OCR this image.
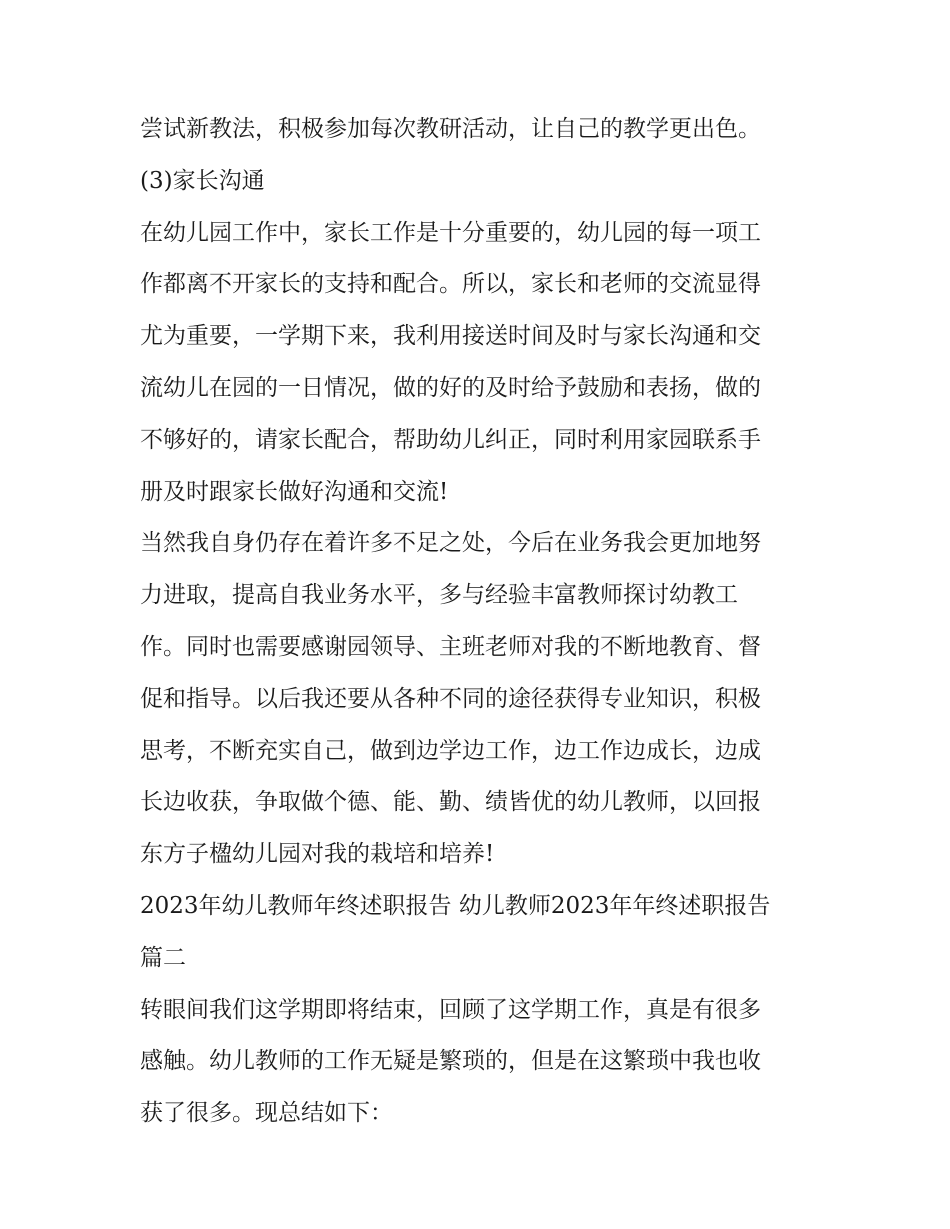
尝试新教法，积极参加每次教研活动，让自己的教学更出色。
(3)家长沟通
在幼儿园工作中，家长工作是十分重要的，幼儿园的每一项工
作都离不开家长的支持和配合。所以，家长和老师的交流显得
尤为重要，一学期下来，我利用接送时间及时与家长沟通和交
流幼儿在园的一日情况，做的好的及时给予鼓励和表扬，做的
不够好的，请家长配合，帮助幼儿纠正，同时利用家园联系手
册及时跟家长做好沟通和交流!
当然我自身仍存在着许多不足之处，今后在业务我会更加地努
力进取，提高自我业务水平，多与经验丰富教师探讨幼教工
作。同时也需要感谢园领导、主班老师对我的不断地教育、督
促和指导。以后我还要从各种不同的途径获得专业知识，积极
思考，不断充实自己，做到边学边工作，边工作边成长，边成
长边收获，争取做个德、能、勤、绩皆优的幼儿教师，以回报
东方子楹幼儿园对我的栽培和培养!
2023年幼儿教师年终述职报告 幼儿教师2023年年终述职报告
篇二
转眼间我们这学期即将结束，回顾了这学期工作，真是有很多
感触。幼儿教师的工作无疑是繁琐的，但是在这繁琐中我也收
获了很多。现总结如下：
